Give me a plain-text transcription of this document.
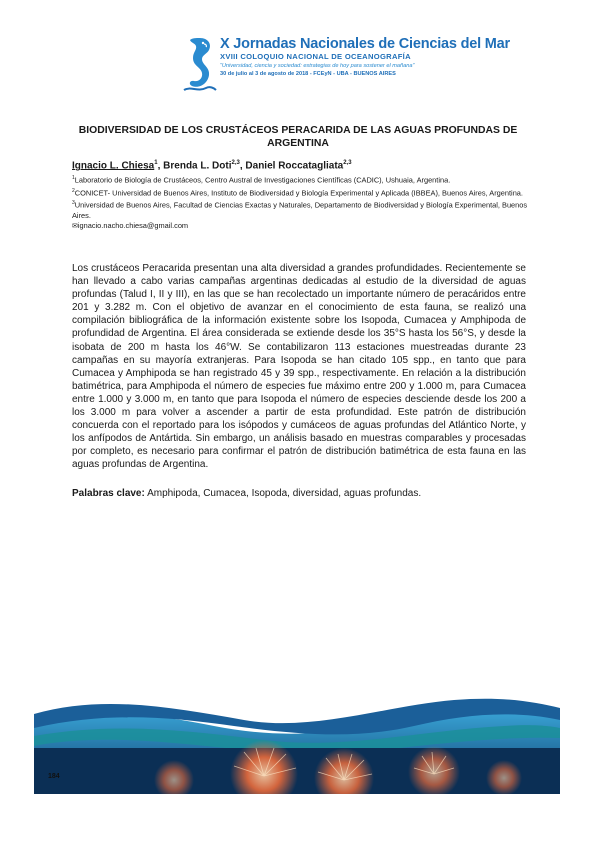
X Jornadas Nacionales de Ciencias del Mar
XVIII COLOQUIO NACIONAL DE OCEANOGRAFÍA
“Universidad, ciencia y sociedad: estrategias de hoy para sostener el mañana”
30 de julio al 3 de agosto de 2018 - FCEyN - UBA - BUENOS AIRES
BIODIVERSIDAD DE LOS CRUSTÁCEOS PERACARIDA DE LAS AGUAS PROFUNDAS DE ARGENTINA
Ignacio L. Chiesa$^1$, Brenda L. Doti$^{2,3}$, Daniel Roccatagliata$^{2,3}$
$^1$Laboratorio de Biología de Crustáceos, Centro Austral de Investigaciones Científicas (CADIC), Ushuaia, Argentina.
$^2$CONICET- Universidad de Buenos Aires, Instituto de Biodiversidad y Biología Experimental y Aplicada (IBBEA), Buenos Aires, Argentina.
$^3$Universidad de Buenos Aires, Facultad de Ciencias Exactas y Naturales, Departamento de Biodiversidad y Biología Experimental, Buenos Aires.
✉ignacio.nacho.chiesa@gmail.com

Los crustáceos Peracarida presentan una alta diversidad a grandes profundidades. Recientemente se han llevado a cabo varias campañas argentinas dedicadas al estudio de la diversidad de aguas profundas (Talud I, II y III), en las que se han recolectado un importante número de peracáridos entre 201 y 3.282 m. Con el objetivo de avanzar en el conocimiento de esta fauna, se realizó una compilación bibliográfica de la información existente sobre los Isopoda, Cumacea y Amphipoda de profundidad de Argentina. El área considerada se extiende desde los 35°S hasta los 56°S, y desde la isobata de 200 m hasta los 46°W. Se contabilizaron 113 estaciones muestreadas durante 23 campañas en su mayoría extranjeras. Para Isopoda se han citado 105 spp., en tanto que para Cumacea y Amphipoda se han registrado 45 y 39 spp., respectivamente. En relación a la distribución batimétrica, para Amphipoda el número de especies fue máximo entre 200 y 1.000 m, para Cumacea entre 1.000 y 3.000 m, en tanto que para Isopoda el número de especies desciende desde los 200 a los 3.000 m para volver a ascender a partir de esta profundidad. Este patrón de distribución concuerda con el reportado para los isópodos y cumáceos de aguas profundas del Atlántico Norte, y los anfípodos de Antártida. Sin embargo, un análisis basado en muestras comparables y procesadas por completo, es necesario para confirmar el patrón de distribución batimétrica de esta fauna en las aguas profundas de Argentina.

Palabras clave: Amphipoda, Cumacea, Isopoda, diversidad, aguas profundas.
184
